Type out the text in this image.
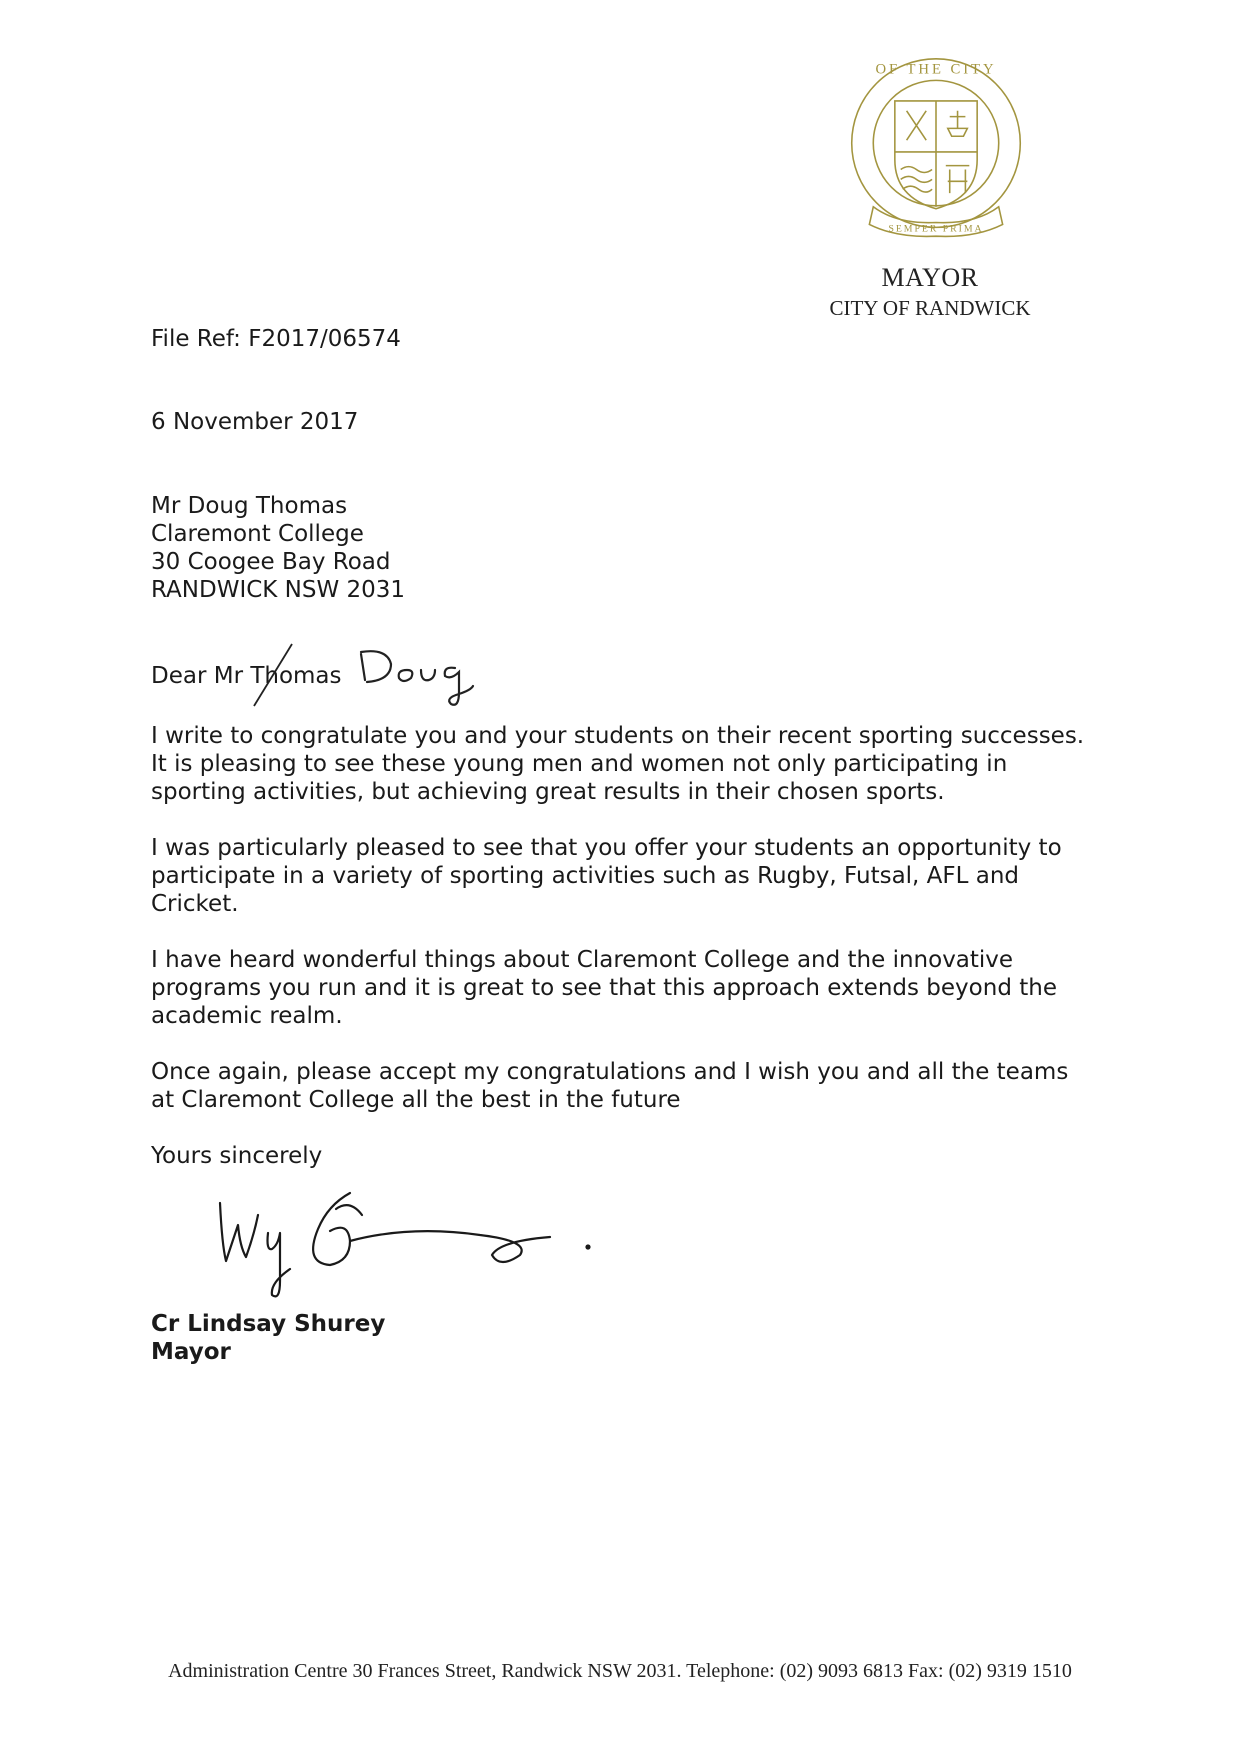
OF THE CITY
SEMPER PRIMA
MAYOR
CITY OF RANDWICK
File Ref: F2017/06574
6 November 2017

Mr Doug Thomas

Claremont College

30 Coogee Bay Road

RANDWICK NSW 2031

Dear Mr Thomas

I write to congratulate you and your students on their recent sporting successes.

It is pleasing to see these young men and women not only participating in

sporting activities, but achieving great results in their chosen sports.

I was particularly pleased to see that you offer your students an opportunity to

participate in a variety of sporting activities such as Rugby, Futsal, AFL and

Cricket.

I have heard wonderful things about Claremont College and the innovative

programs you run and it is great to see that this approach extends beyond the

academic realm.

Once again, please accept my congratulations and I wish you and all the teams

at Claremont College all the best in the future

Yours sincerely

Cr Lindsay Shurey

Mayor

Administration Centre 30 Frances Street, Randwick NSW 2031. Telephone: (02) 9093 6813 Fax: (02) 9319 1510
